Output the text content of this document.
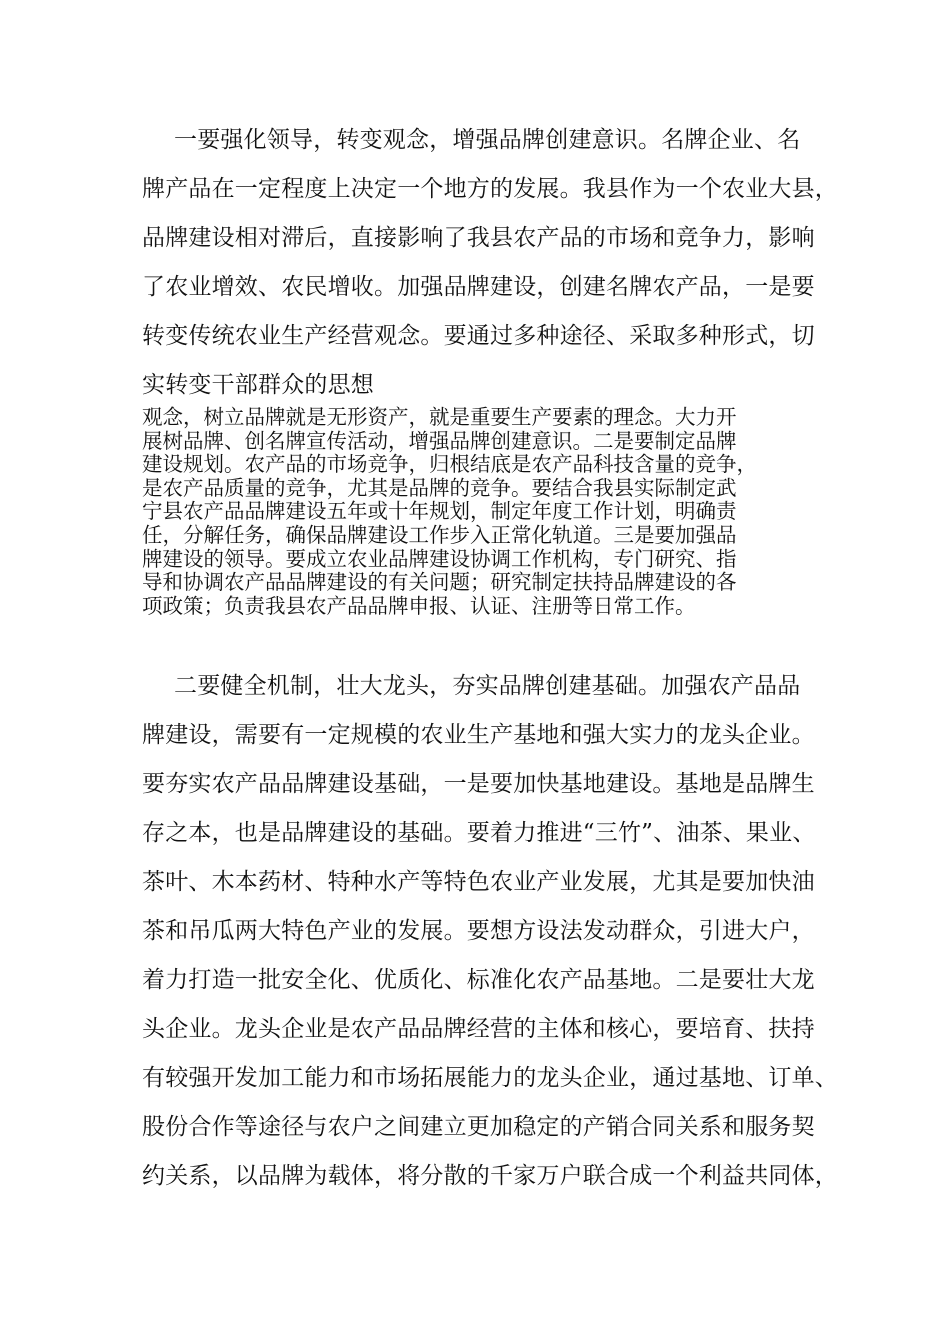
一要强化领导，转变观念，增强品牌创建意识。名牌企业、名
牌产品在一定程度上决定一个地方的发展。我县作为一个农业大县，
品牌建设相对滞后，直接影响了我县农产品的市场和竞争力，影响
了农业增效、农民增收。加强品牌建设，创建名牌农产品，一是要
转变传统农业生产经营观念。要通过多种途径、采取多种形式，切
实转变干部群众的思想
观念，树立品牌就是无形资产，就是重要生产要素的理念。大力开
展树品牌、创名牌宣传活动，增强品牌创建意识。二是要制定品牌
建设规划。农产品的市场竞争，归根结底是农产品科技含量的竞争，
是农产品质量的竞争，尤其是品牌的竞争。要结合我县实际制定武
宁县农产品品牌建设五年或十年规划，制定年度工作计划，明确责
任，分解任务，确保品牌建设工作步入正常化轨道。三是要加强品
牌建设的领导。要成立农业品牌建设协调工作机构，专门研究、指
导和协调农产品品牌建设的有关问题；研究制定扶持品牌建设的各
项政策；负责我县农产品品牌申报、认证、注册等日常工作。
二要健全机制，壮大龙头，夯实品牌创建基础。加强农产品品
牌建设，需要有一定规模的农业生产基地和强大实力的龙头企业。
要夯实农产品品牌建设基础，一是要加快基地建设。基地是品牌生
存之本，也是品牌建设的基础。要着力推进“三竹”、油茶、果业、
茶叶、木本药材、特种水产等特色农业产业发展，尤其是要加快油
茶和吊瓜两大特色产业的发展。要想方设法发动群众，引进大户，
着力打造一批安全化、优质化、标准化农产品基地。二是要壮大龙
头企业。龙头企业是农产品品牌经营的主体和核心，要培育、扶持
有较强开发加工能力和市场拓展能力的龙头企业，通过基地、订单、
股份合作等途径与农户之间建立更加稳定的产销合同关系和服务契
约关系，以品牌为载体，将分散的千家万户联合成一个利益共同体，
